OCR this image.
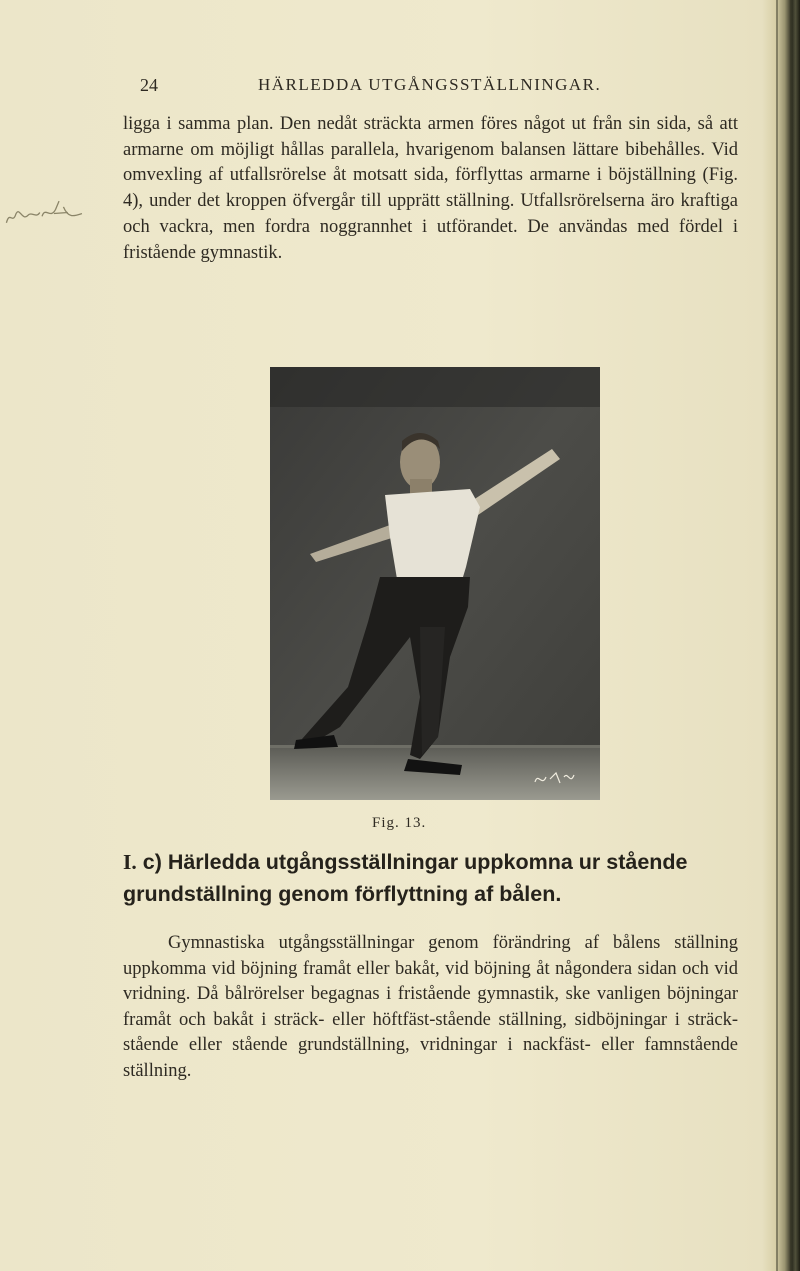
24	HÄRLEDDA UTGÅNGSSTÄLLNINGAR.

ligga i samma plan. Den nedåt sträckta armen föres något ut från sin sida, så att armarne om möjligt hållas parallela, hvarigenom balansen lättare bibehålles. Vid omvexling af utfallsrörelse åt motsatt sida, förflyttas armarne i böjställning (Fig. 4), under det kroppen öfvergår till upprätt ställning. Utfallsrörelserna äro kraftiga och vackra, men fordra noggrannhet i utförandet. De användas med fördel i fristående gymnastik.

Fig. 13.
I. c) Härledda utgångsställningar uppkomna ur stående grundställning genom förflyttning af bålen.

Gymnastiska utgångsställningar genom förändring af bålens ställning uppkomma vid böjning framåt eller bakåt, vid böjning åt någondera sidan och vid vridning. Då bålrörelser begagnas i fristående gymnastik, ske vanligen böjningar framåt och bakåt i sträck- eller höftfäst-stående ställning, sidböjningar i sträck-stående eller stående grundställning, vridningar i nackfäst- eller famnstående ställning.
